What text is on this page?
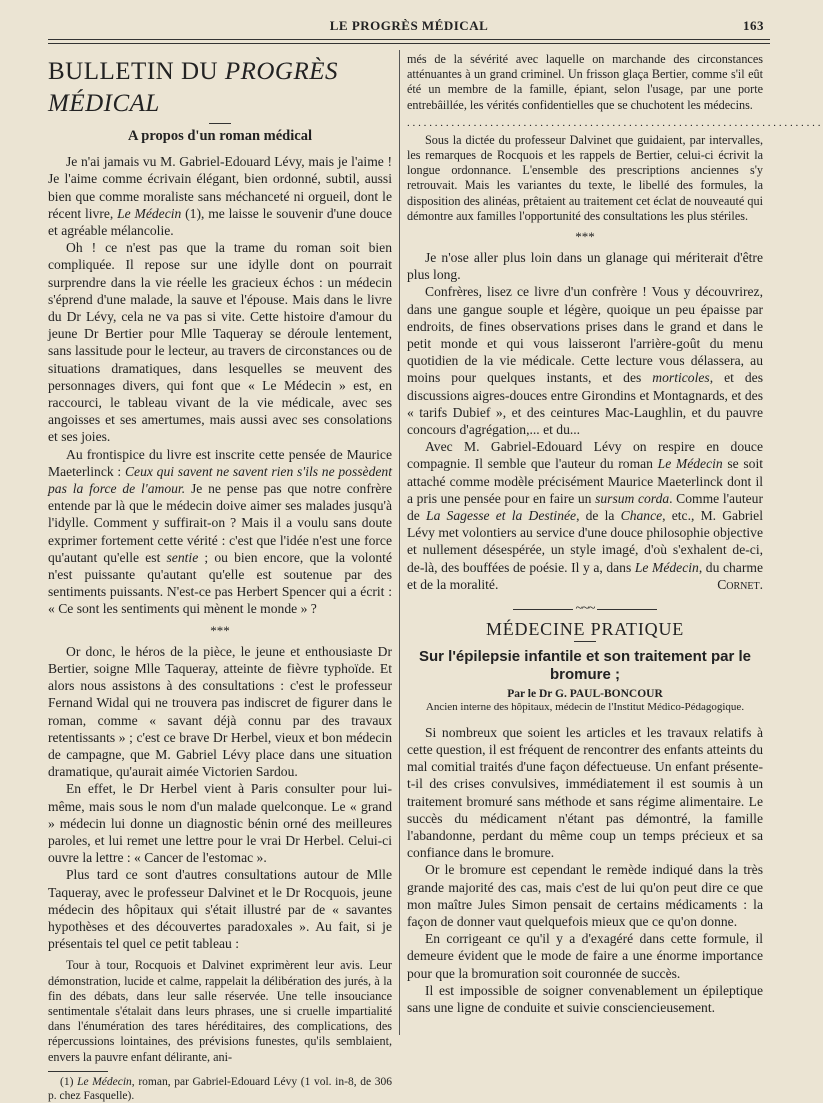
LE PROGRÈS MÉDICAL	163

BULLETIN DU PROGRÈS MÉDICAL

A propos d'un roman médical

Je n'ai jamais vu M. Gabriel-Edouard Lévy, mais je l'aime ! Je l'aime comme écrivain élégant, bien ordonné, subtil, aussi bien que comme moraliste sans méchanceté ni orgueil, dont le récent livre, Le Médecin (1), me laisse le souvenir d'une douce et agréable mélancolie.

Oh ! ce n'est pas que la trame du roman soit bien compliquée. Il repose sur une idylle dont on pourrait surprendre dans la vie réelle les gracieux échos : un médecin s'éprend d'une malade, la sauve et l'épouse. Mais dans le livre du Dr Lévy, cela ne va pas si vite. Cette histoire d'amour du jeune Dr Bertier pour Mlle Taqueray se déroule lentement, sans lassitude pour le lecteur, au travers de circonstances ou de situations dramatiques, dans lesquelles se meuvent des personnages divers, qui font que « Le Médecin » est, en raccourci, le tableau vivant de la vie médicale, avec ses angoisses et ses amertumes, mais aussi avec ses consolations et ses joies.

Au frontispice du livre est inscrite cette pensée de Maurice Maeterlinck : Ceux qui savent ne savent rien s'ils ne possèdent pas la force de l'amour. Je ne pense pas que notre confrère entende par là que le médecin doive aimer ses malades jusqu'à l'idylle. Comment y suffirait-on ? Mais il a voulu sans doute exprimer fortement cette vérité : c'est que l'idée n'est une force qu'autant qu'elle est sentie ; ou bien encore, que la volonté n'est puissante qu'autant qu'elle est soutenue par des sentiments puissants. N'est-ce pas Herbert Spencer qui a écrit : « Ce sont les sentiments qui mènent le monde » ?

***

Or donc, le héros de la pièce, le jeune et enthousiaste Dr Bertier, soigne Mlle Taqueray, atteinte de fièvre typhoïde. Et alors nous assistons à des consultations : c'est le professeur Fernand Widal qui ne trouvera pas indiscret de figurer dans le roman, comme « savant déjà connu par des travaux retentissants » ; c'est ce brave Dr Herbel, vieux et bon médecin de campagne, que M. Gabriel Lévy place dans une situation dramatique, qu'aurait aimée Victorien Sardou.

En effet, le Dr Herbel vient à Paris consulter pour lui-même, mais sous le nom d'un malade quelconque. Le « grand » médecin lui donne un diagnostic bénin orné des meilleures paroles, et lui remet une lettre pour le vrai Dr Herbel. Celui-ci ouvre la lettre : « Cancer de l'estomac ».

Plus tard ce sont d'autres consultations autour de Mlle Taqueray, avec le professeur Dalvinet et le Dr Rocquois, jeune médecin des hôpitaux qui s'était illustré par de « savantes hypothèses et des découvertes paradoxales ». Au fait, si je présentais tel quel ce petit tableau :

Tour à tour, Rocquois et Dalvinet exprimèrent leur avis. Leur démonstration, lucide et calme, rappelait la délibération des jurés, à la fin des débats, dans leur salle réservée. Une telle insouciance sentimentale s'étalait dans leurs phrases, une si cruelle impartialité dans l'énumération des tares héréditaires, des complications, des répercussions lointaines, des prévisions funestes, qu'ils semblaient, envers la pauvre enfant délirante, ani-

(1) Le Médecin, roman, par Gabriel-Edouard Lévy (1 vol. in-8, de 306 p. chez Fasquelle).

més de la sévérité avec laquelle on marchande des circonstances atténuantes à un grand criminel. Un frisson glaça Bertier, comme s'il eût été un membre de la famille, épiant, selon l'usage, par une porte entrebâillée, les vérités confidentielles que se chuchotent les médecins.

...........................................................................

Sous la dictée du professeur Dalvinet que guidaient, par intervalles, les remarques de Rocquois et les rappels de Bertier, celui-ci écrivit la longue ordonnance. L'ensemble des prescriptions anciennes s'y retrouvait. Mais les variantes du texte, le libellé des formules, la disposition des alinéas, prêtaient au traitement cet éclat de nouveauté qui démontre aux familles l'opportunité des consultations les plus stériles.

***

Je n'ose aller plus loin dans un glanage qui mériterait d'être plus long.

Confrères, lisez ce livre d'un confrère ! Vous y découvrirez, dans une gangue souple et légère, quoique un peu épaisse par endroits, de fines observations prises dans le grand et dans le petit monde et qui vous laisseront l'arrière-goût du menu quotidien de la vie médicale. Cette lecture vous délassera, au moins pour quelques instants, et des morticoles, et des discussions aigres-douces entre Girondins et Montagnards, et des « tarifs Dubief », et des ceintures Mac-Laughlin, et du pauvre concours d'agrégation,... et du...

Avec M. Gabriel-Edouard Lévy on respire en douce compagnie. Il semble que l'auteur du roman Le Médecin se soit attaché comme modèle précisément Maurice Maeterlinck dont il a pris une pensée pour en faire un sursum corda. Comme l'auteur de La Sagesse et la Destinée, de la Chance, etc., M. Gabriel Lévy met volontiers au service d'une douce philosophie objective et nullement désespérée, un style imagé, d'où s'exhalent de-ci, de-là, des bouffées de poésie. Il y a, dans Le Médecin, du charme et de la moralité.	Cornet.

~~~

MÉDECINE PRATIQUE

Sur l'épilepsie infantile et son traitement par le bromure ;

Par le Dr G. PAUL-BONCOUR

Ancien interne des hôpitaux, médecin de l'Institut Médico-Pédagogique.

Si nombreux que soient les articles et les travaux relatifs à cette question, il est fréquent de rencontrer des enfants atteints du mal comitial traités d'une façon défectueuse. Un enfant présente-t-il des crises convulsives, immédiatement il est soumis à un traitement bromuré sans méthode et sans régime alimentaire. Le succès du médicament n'étant pas démontré, la famille l'abandonne, perdant du même coup un temps précieux et sa confiance dans le bromure.

Or le bromure est cependant le remède indiqué dans la très grande majorité des cas, mais c'est de lui qu'on peut dire ce que mon maître Jules Simon pensait de certains médicaments : la façon de donner vaut quelquefois mieux que ce qu'on donne.

En corrigeant ce qu'il y a d'exagéré dans cette formule, il demeure évident que le mode de faire a une énorme importance pour que la bromuration soit couronnée de succès.

Il est impossible de soigner convenablement un épileptique sans une ligne de conduite et suivie consciencieusement.
